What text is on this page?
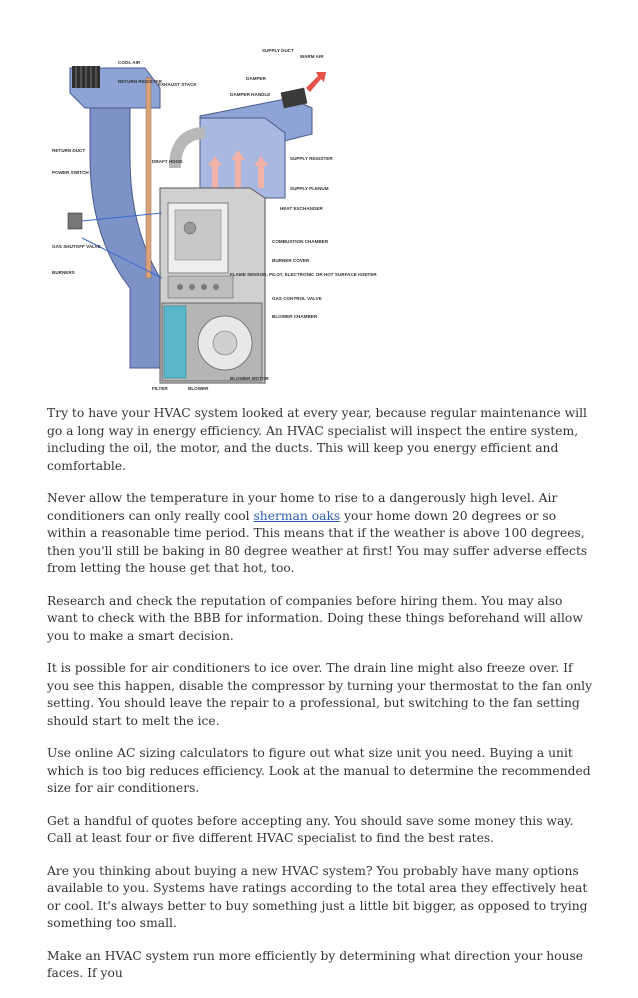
COOL AIR
RETURN REGISTER
EXHAUST STACK
SUPPLY DUCT
WARM AIR
DAMPER
DAMPER HANDLE
RETURN DUCT
POWER SWITCH
DRAFT HOOD
SUPPLY REGISTER
SUPPLY PLENUM
HEAT EXCHANGER
GAS SHUTOFF VALVE
COMBUSTION CHAMBER
BURNERS
BURNER COVER
FLAME SENSOR, PILOT, ELECTRONIC OR HOT SURFACE IGNITER
GAS CONTROL VALVE
BLOWER CHAMBER
FILTER	BLOWER
BLOWER MOTOR

Try to have your HVAC system looked at every year, because regular maintenance will go a long way in energy efficiency. An HVAC specialist will inspect the entire system, including the oil, the motor, and the ducts. This will keep you energy efficient and comfortable.

Never allow the temperature in your home to rise to a dangerously high level. Air conditioners can only really cool sherman oaks your home down 20 degrees or so within a reasonable time period. This means that if the weather is above 100 degrees, then you'll still be baking in 80 degree weather at first! You may suffer adverse effects from letting the house get that hot, too.

Research and check the reputation of companies before hiring them. You may also want to check with the BBB for information. Doing these things beforehand will allow you to make a smart decision.

It is possible for air conditioners to ice over. The drain line might also freeze over. If you see this happen, disable the compressor by turning your thermostat to the fan only setting. You should leave the repair to a professional, but switching to the fan setting should start to melt the ice.

Use online AC sizing calculators to figure out what size unit you need. Buying a unit which is too big reduces efficiency. Look at the manual to determine the recommended size for air conditioners.

Get a handful of quotes before accepting any. You should save some money this way. Call at least four or five different HVAC specialist to find the best rates.

Are you thinking about buying a new HVAC system? You probably have many options available to you. Systems have ratings according to the total area they effectively heat or cool. It's always better to buy something just a little bit bigger, as opposed to trying something too small.

Make an HVAC system run more efficiently by determining what direction your house faces. If you
